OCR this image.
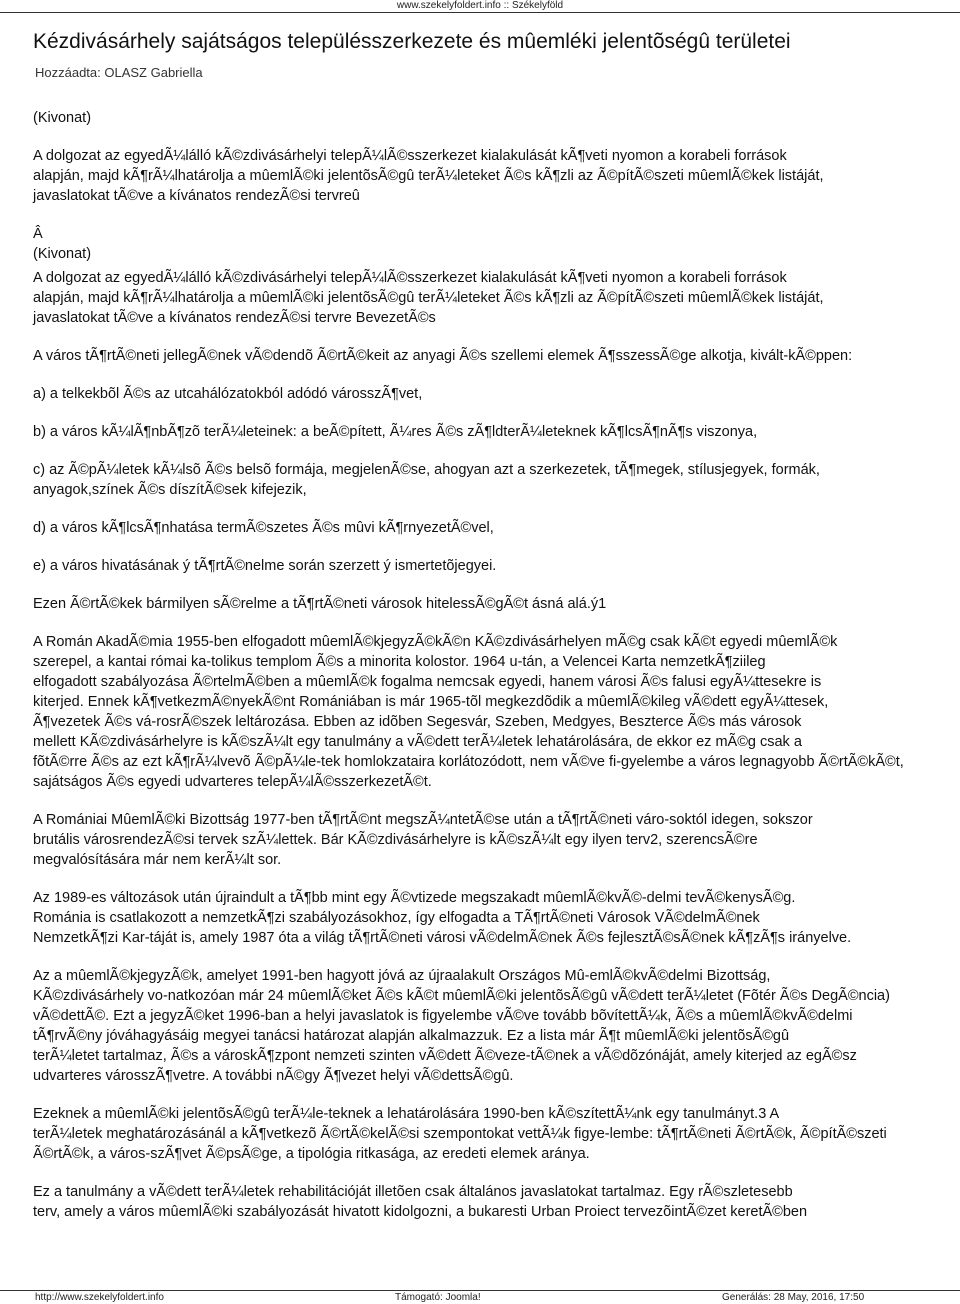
www.szekelyfoldert.info :: Székelyföld
Kézdivásárhely sajátságos településszerkezete és mûemléki jelentõségû területei
Hozzáadta: OLASZ Gabriella
(Kivonat)
A dolgozat az egyedÃ¼lálló kÃ©zdivásárhelyi telepÃ¼lÃ©sszerkezet kialakulását kÃ¶veti nyomon a korabeli források
alapján, majd kÃ¶rÃ¼lhatárolja a mûemlÃ©ki jelentõsÃ©gû terÃ¼leteket Ã©s kÃ¶zli az Ã©pítÃ©szeti mûemlÃ©kek listáját,
javaslatokat tÃ©ve a kívánatos rendezÃ©si tervreû
Â
(Kivonat)
A dolgozat az egyedÃ¼lálló kÃ©zdivásárhelyi telepÃ¼lÃ©sszerkezet kialakulását kÃ¶veti nyomon a korabeli források
alapján, majd kÃ¶rÃ¼lhatárolja a mûemlÃ©ki jelentõsÃ©gû terÃ¼leteket Ã©s kÃ¶zli az Ã©pítÃ©szeti mûemlÃ©kek listáját,
javaslatokat tÃ©ve a kívánatos rendezÃ©si tervre BevezetÃ©s
A város tÃ¶rtÃ©neti jellegÃ©nek vÃ©dendõ Ã©rtÃ©keit az anyagi Ã©s szellemi elemek Ã¶sszessÃ©ge alkotja, kivált-kÃ©ppen:
a) a telkekbõl Ã©s az utcahálózatokból adódó városszÃ¶vet,
b) a város kÃ¼lÃ¶nbÃ¶zõ terÃ¼leteinek: a beÃ©pített, Ã¼res Ã©s zÃ¶ldterÃ¼leteknek kÃ¶lcsÃ¶nÃ¶s viszonya,
c) az Ã©pÃ¼letek kÃ¼lsõ Ã©s belsõ formája, megjelenÃ©se, ahogyan azt a szerkezetek, tÃ¶megek, stílusjegyek, formák,
anyagok,színek Ã©s díszítÃ©sek kifejezik,
d) a város kÃ¶lcsÃ¶nhatása termÃ©szetes Ã©s mûvi kÃ¶rnyezetÃ©vel,
e) a város hivatásának ý tÃ¶rtÃ©nelme során szerzett ý ismertetõjegyei.
Ezen Ã©rtÃ©kek bármilyen sÃ©relme a tÃ¶rtÃ©neti városok hitelessÃ©gÃ©t ásná alá.ý1
A Román AkadÃ©mia 1955-ben elfogadott mûemlÃ©kjegyzÃ©kÃ©n KÃ©zdivásárhelyen mÃ©g csak kÃ©t egyedi mûemlÃ©k
szerepel, a kantai római ka-tolikus templom Ã©s a minorita kolostor. 1964 u-tán, a Velencei Karta nemzetkÃ¶ziileg
elfogadott szabályozása Ã©rtelmÃ©ben a mûemlÃ©k fogalma nemcsak egyedi, hanem városi Ã©s falusi egyÃ¼ttesekre is
kiterjed. Ennek kÃ¶vetkezmÃ©nyekÃ©nt Romániában is már 1965-tõl megkezdõdik a mûemlÃ©kileg vÃ©dett egyÃ¼ttesek,
Ã¶vezetek Ã©s vá-rosrÃ©szek leltározása. Ebben az idõben Segesvár, Szeben, Medgyes, Beszterce Ã©s más városok
mellett KÃ©zdivásárhelyre is kÃ©szÃ¼lt egy tanulmány a vÃ©dett terÃ¼letek lehatárolására, de ekkor ez mÃ©g csak a
fõtÃ©rre Ã©s az ezt kÃ¶rÃ¼lvevõ Ã©pÃ¼le-tek homlokzataira korlátozódott, nem vÃ©ve fi-gyelembe a város legnagyobb Ã©rtÃ©kÃ©t,
sajátságos Ã©s egyedi udvarteres telepÃ¼lÃ©sszerkezetÃ©t.
A Romániai MûemlÃ©ki Bizottság 1977-ben tÃ¶rtÃ©nt megszÃ¼ntetÃ©se után a tÃ¶rtÃ©neti váro-soktól idegen, sokszor
brutális városrendezÃ©si tervek szÃ¼lettek. Bár KÃ©zdivásárhelyre is kÃ©szÃ¼lt egy ilyen terv2, szerencsÃ©re
megvalósítására már nem kerÃ¼lt sor.
Az 1989-es változások után újraindult a tÃ¶bb mint egy Ã©vtizede megszakadt mûemlÃ©kvÃ©-delmi tevÃ©kenysÃ©g.
Románia is csatlakozott a nemzetkÃ¶zi szabályozásokhoz, így elfogadta a TÃ¶rtÃ©neti Városok VÃ©delmÃ©nek
NemzetkÃ¶zi Kar-táját is, amely 1987 óta a világ tÃ¶rtÃ©neti városi vÃ©delmÃ©nek Ã©s fejlesztÃ©sÃ©nek kÃ¶zÃ¶s irányelve.
Az a mûemlÃ©kjegyzÃ©k, amelyet 1991-ben hagyott jóvá az újraalakult Országos Mû-emlÃ©kvÃ©delmi Bizottság,
KÃ©zdivásárhely vo-natkozóan már 24 mûemlÃ©ket Ã©s kÃ©t mûemlÃ©ki jelentõsÃ©gû vÃ©dett terÃ¼letet (Fõtér Ã©s DegÃ©ncia)
vÃ©dettÃ©. Ezt a jegyzÃ©ket 1996-ban a helyi javaslatok is figyelembe vÃ©ve tovább bõvítettÃ¼k, Ã©s a mûemlÃ©kvÃ©delmi
tÃ¶rvÃ©ny jóváhagyásáig megyei tanácsi határozat alapján alkalmazzuk. Ez a lista már Ã¶t mûemlÃ©ki jelentõsÃ©gû
terÃ¼letet tartalmaz, Ã©s a városkÃ¶zpont nemzeti szinten vÃ©dett Ã©veze-tÃ©nek a vÃ©dõzónáját, amely kiterjed az egÃ©sz
udvarteres városszÃ¶vetre. A további nÃ©gy Ã¶vezet helyi vÃ©dettsÃ©gû.
Ezeknek a mûemlÃ©ki jelentõsÃ©gû terÃ¼le-teknek a lehatárolására 1990-ben kÃ©szítettÃ¼nk egy tanulmányt.3 A
terÃ¼letek meghatározásánál a kÃ¶vetkezõ Ã©rtÃ©kelÃ©si szempontokat vettÃ¼k figye-lembe: tÃ¶rtÃ©neti Ã©rtÃ©k, Ã©pítÃ©szeti
Ã©rtÃ©k, a város-szÃ¶vet Ã©psÃ©ge, a tipológia ritkasága, az eredeti elemek aránya.
Ez a tanulmány a vÃ©dett terÃ¼letek rehabilitációját illetõen csak általános javaslatokat tartalmaz. Egy rÃ©szletesebb
terv, amely a város mûemlÃ©ki szabályozását hivatott kidolgozni, a bukaresti Urban Proiect tervezõintÃ©zet keretÃ©ben
http://www.szekelyfoldert.info	Támogató: Joomla!	Generálás: 28 May, 2016, 17:50
